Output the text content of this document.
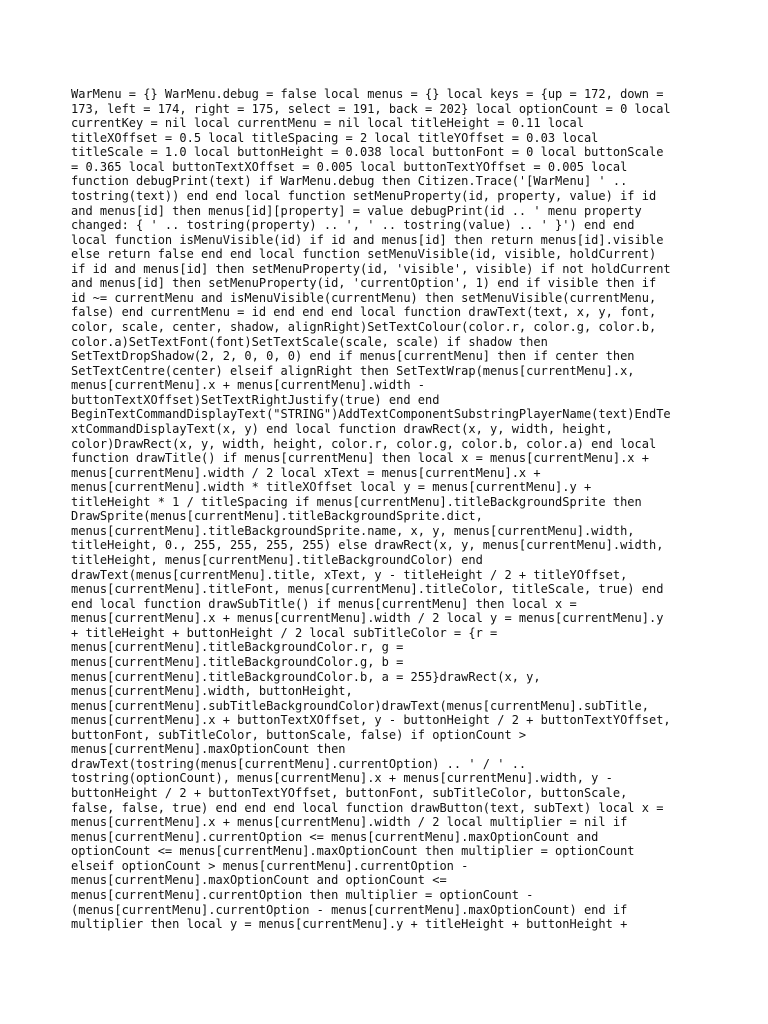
WarMenu = {} WarMenu.debug = false local menus = {} local keys = {up = 172, down =
173, left = 174, right = 175, select = 191, back = 202} local optionCount = 0 local
currentKey = nil local currentMenu = nil local titleHeight = 0.11 local
titleXOffset = 0.5 local titleSpacing = 2 local titleYOffset = 0.03 local
titleScale = 1.0 local buttonHeight = 0.038 local buttonFont = 0 local buttonScale
= 0.365 local buttonTextXOffset = 0.005 local buttonTextYOffset = 0.005 local
function debugPrint(text) if WarMenu.debug then Citizen.Trace('[WarMenu] ' ..
tostring(text)) end end local function setMenuProperty(id, property, value) if id
and menus[id] then menus[id][property] = value debugPrint(id .. ' menu property
changed: { ' .. tostring(property) .. ', ' .. tostring(value) .. ' }') end end
local function isMenuVisible(id) if id and menus[id] then return menus[id].visible
else return false end end local function setMenuVisible(id, visible, holdCurrent)
if id and menus[id] then setMenuProperty(id, 'visible', visible) if not holdCurrent
and menus[id] then setMenuProperty(id, 'currentOption', 1) end if visible then if
id ~= currentMenu and isMenuVisible(currentMenu) then setMenuVisible(currentMenu,
false) end currentMenu = id end end end local function drawText(text, x, y, font,
color, scale, center, shadow, alignRight)SetTextColour(color.r, color.g, color.b,
color.a)SetTextFont(font)SetTextScale(scale, scale) if shadow then
SetTextDropShadow(2, 2, 0, 0, 0) end if menus[currentMenu] then if center then
SetTextCentre(center) elseif alignRight then SetTextWrap(menus[currentMenu].x,
menus[currentMenu].x + menus[currentMenu].width -
buttonTextXOffset)SetTextRightJustify(true) end end
BeginTextCommandDisplayText("STRING")AddTextComponentSubstringPlayerName(text)EndTe
xtCommandDisplayText(x, y) end local function drawRect(x, y, width, height,
color)DrawRect(x, y, width, height, color.r, color.g, color.b, color.a) end local
function drawTitle() if menus[currentMenu] then local x = menus[currentMenu].x +
menus[currentMenu].width / 2 local xText = menus[currentMenu].x +
menus[currentMenu].width * titleXOffset local y = menus[currentMenu].y +
titleHeight * 1 / titleSpacing if menus[currentMenu].titleBackgroundSprite then
DrawSprite(menus[currentMenu].titleBackgroundSprite.dict,
menus[currentMenu].titleBackgroundSprite.name, x, y, menus[currentMenu].width,
titleHeight, 0., 255, 255, 255, 255) else drawRect(x, y, menus[currentMenu].width,
titleHeight, menus[currentMenu].titleBackgroundColor) end
drawText(menus[currentMenu].title, xText, y - titleHeight / 2 + titleYOffset,
menus[currentMenu].titleFont, menus[currentMenu].titleColor, titleScale, true) end
end local function drawSubTitle() if menus[currentMenu] then local x =
menus[currentMenu].x + menus[currentMenu].width / 2 local y = menus[currentMenu].y
+ titleHeight + buttonHeight / 2 local subTitleColor = {r =
menus[currentMenu].titleBackgroundColor.r, g =
menus[currentMenu].titleBackgroundColor.g, b =
menus[currentMenu].titleBackgroundColor.b, a = 255}drawRect(x, y,
menus[currentMenu].width, buttonHeight,
menus[currentMenu].subTitleBackgroundColor)drawText(menus[currentMenu].subTitle,
menus[currentMenu].x + buttonTextXOffset, y - buttonHeight / 2 + buttonTextYOffset,
buttonFont, subTitleColor, buttonScale, false) if optionCount >
menus[currentMenu].maxOptionCount then
drawText(tostring(menus[currentMenu].currentOption) .. ' / ' ..
tostring(optionCount), menus[currentMenu].x + menus[currentMenu].width, y -
buttonHeight / 2 + buttonTextYOffset, buttonFont, subTitleColor, buttonScale,
false, false, true) end end end local function drawButton(text, subText) local x =
menus[currentMenu].x + menus[currentMenu].width / 2 local multiplier = nil if
menus[currentMenu].currentOption <= menus[currentMenu].maxOptionCount and
optionCount <= menus[currentMenu].maxOptionCount then multiplier = optionCount
elseif optionCount > menus[currentMenu].currentOption -
menus[currentMenu].maxOptionCount and optionCount <=
menus[currentMenu].currentOption then multiplier = optionCount -
(menus[currentMenu].currentOption - menus[currentMenu].maxOptionCount) end if
multiplier then local y = menus[currentMenu].y + titleHeight + buttonHeight +
